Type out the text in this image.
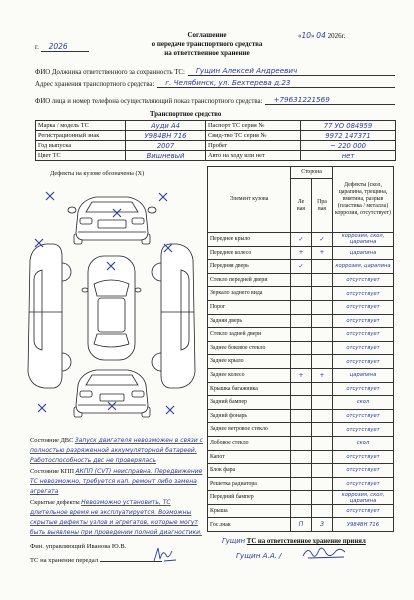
г. 2026
«10» 04 2026г.
Соглашение
о передаче транспортного средства
на ответственное хранение
ФИО Должника ответственного за сохранность ТС:	Гущин Алексей Андреевич
Адрес хранения транспортного средства:	г. Челябинск, ул. Бехтерева д.23
ФИО лица и номер телефона осуществляющий показ транспортного средства:	+79631221569
Транспортное средство
Марка / модель ТС	Ауди А4	Паспорт ТС серия №	77 УО 084959
Регистрационный знак	У984ВН 716	Свид-тво ТС серия №	9972 147371
Год выпуска	2007	Пробег	~ 220 000
Цвет ТС	Вишневый	Авто на ходу или нет	нет
Дефекты на кузове обозначены (X)
Элемент кузова	Сторона		Дефекты (скол, царапина, трещина, вмятина, разрыв (пластика / металла) коррозия, отсутствует)
	Ле вая	Пра вая	
Переднее крыло	✓	✓	коррозия, скол, царапина
Переднее колесо	+	+	царапина
Передняя дверь	✓		коррозия, царапина
Стекло передней двери			отсутствует
Зеркало заднего вида			отсутствует
Порог			отсутствует
Задняя дверь			отсутствует
Стекло задней двери			отсутствует
Заднее боковое стекло			отсутствует
Заднее крыло			отсутствует
Заднее колесо	+	+	царапина
Крышка багажника			отсутствует
Задний бампер			скол
Задний фонарь			отсутствует
Заднее ветровое стекло			отсутствует
Лобовое стекло			скол
Капот			отсутствует
Блок фара			отсутствует
Решетка радиатора			отсутствует
Передний бампер			коррозия, скол, царапина
Крыша			отсутствует
Гос.знак	П	З	У984ВН 716
Состояние ДВС Запуск двигателя невозможен в связи с полностью разряженной аккумуляторной батареей. Работоспособность двс не проверялась
Состояние КПП АКПП (CVT) неисправна. Передвижение ТС невозможно, требуется кап. ремонт либо замена агрегата
Скрытые дефекты Невозможно установить, ТС длительное время не эксплуатируется. Возможны скрытые дефекты узлов и агрегатов, которые могут быть выявлены при проведении полной диагностики.
Фин. управляющий Иванова Ю.В.
ТС на хранение передал
Гущин ТС на ответственное хранение принял
Гущин А.А. /
